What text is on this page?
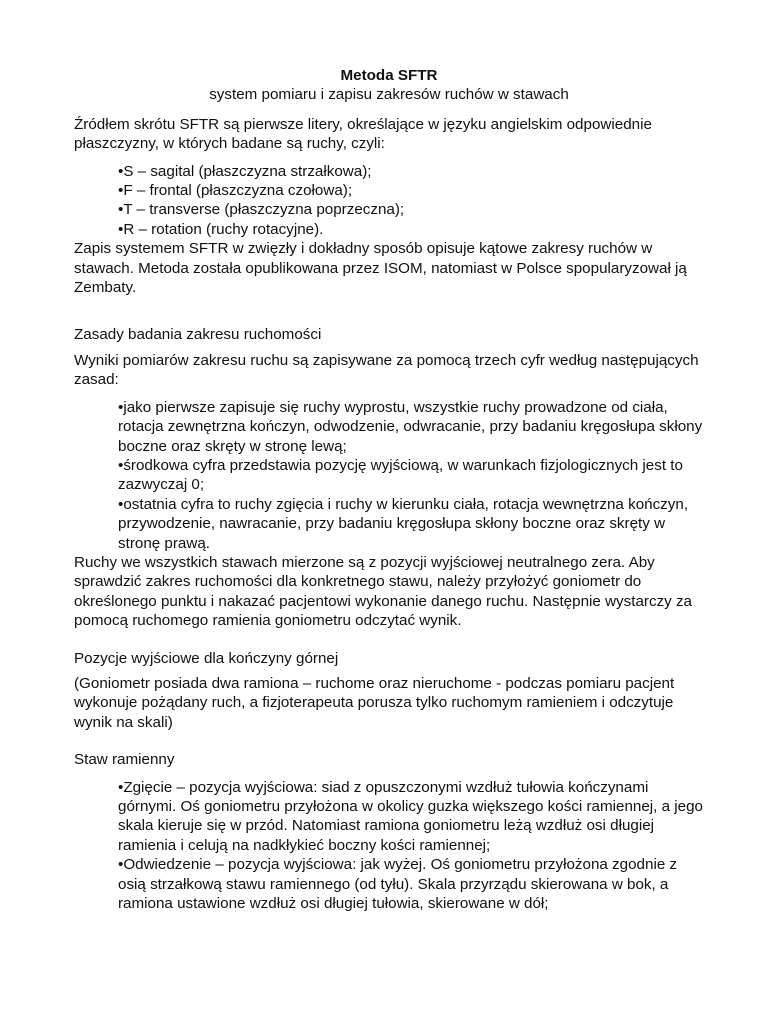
Metoda SFTR

system pomiaru i zapisu zakresów ruchów w stawach

Źródłem skrótu SFTR są pierwsze litery, określające w języku angielskim odpowiednie płaszczyzny, w których badane są ruchy, czyli:

•S – sagital (płaszczyzna strzałkowa);
•F – frontal (płaszczyzna czołowa);
•T – transverse (płaszczyzna poprzeczna);
•R – rotation (ruchy rotacyjne).

Zapis systemem SFTR w zwięzły i dokładny sposób opisuje kątowe zakresy ruchów w stawach. Metoda została opublikowana przez ISOM, natomiast w Polsce spopularyzował ją Zembaty.

Zasady badania zakresu ruchomości

Wyniki pomiarów zakresu ruchu są zapisywane za pomocą trzech cyfr według następujących zasad:

•jako pierwsze zapisuje się ruchy wyprostu, wszystkie ruchy prowadzone od ciała, rotacja zewnętrzna kończyn, odwodzenie, odwracanie, przy badaniu kręgosłupa skłony boczne oraz skręty w stronę lewą;
•środkowa cyfra przedstawia pozycję wyjściową, w warunkach fizjologicznych jest to zazwyczaj 0;
•ostatnia cyfra to ruchy zgięcia i ruchy w kierunku ciała, rotacja wewnętrzna kończyn, przywodzenie, nawracanie, przy badaniu kręgosłupa skłony boczne oraz skręty w stronę prawą.

Ruchy we wszystkich stawach mierzone są z pozycji wyjściowej neutralnego zera. Aby sprawdzić zakres ruchomości dla konkretnego stawu, należy przyłożyć goniometr do określonego punktu i nakazać pacjentowi wykonanie danego ruchu. Następnie wystarczy za pomocą ruchomego ramienia goniometru odczytać wynik.

Pozycje wyjściowe dla kończyny górnej

(Goniometr posiada dwa ramiona – ruchome oraz nieruchome - podczas pomiaru pacjent wykonuje pożądany ruch, a fizjoterapeuta porusza tylko ruchomym ramieniem i odczytuje wynik na skali)

Staw ramienny

•Zgięcie – pozycja wyjściowa: siad z opuszczonymi wzdłuż tułowia kończynami górnymi. Oś goniometru przyłożona w okolicy guzka większego kości ramiennej, a jego skala kieruje się w przód. Natomiast ramiona goniometru leżą wzdłuż osi długiej ramienia i celują na nadkłykieć boczny kości ramiennej;
•Odwiedzenie – pozycja wyjściowa: jak wyżej. Oś goniometru przyłożona zgodnie z osią strzałkową stawu ramiennego (od tyłu). Skala przyrządu skierowana w bok, a ramiona ustawione wzdłuż osi długiej tułowia, skierowane w dół;
